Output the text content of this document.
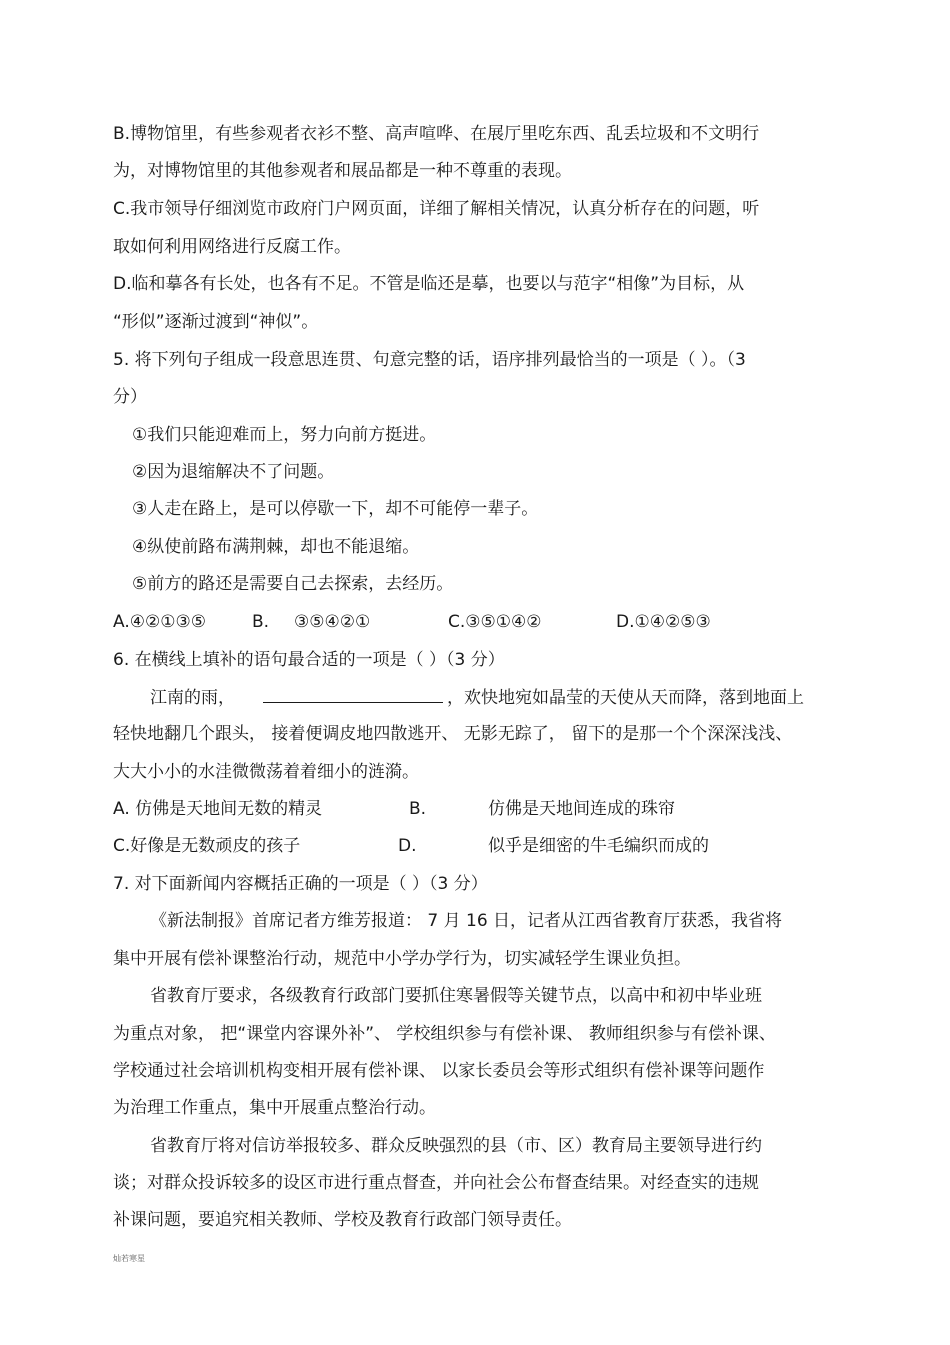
B.博物馆里，有些参观者衣衫不整、高声喧哗、在展厅里吃东西、乱丢垃圾和不文明行
为，对博物馆里的其他参观者和展品都是一种不尊重的表现。
C.我市领导仔细浏览市政府门户网页面，详细了解相关情况，认真分析存在的问题，听
取如何利用网络进行反腐工作。
D.临和摹各有长处，也各有不足。不管是临还是摹，也要以与范字“相像”为目标，从
“形似”逐渐过渡到“神似”。
5. 将下列句子组成一段意思连贯、句意完整的话，语序排列最恰当的一项是（ ）。（3
分）
①我们只能迎难而上，努力向前方挺进。
②因为退缩解决不了问题。
③人走在路上，是可以停歇一下，却不可能停一辈子。
④纵使前路布满荆棘，却也不能退缩。
⑤前方的路还是需要自己去探索，去经历。
A.④②①③⑤	B. ③⑤④②①	C.③⑤①④②	D.①④②⑤③
6. 在横线上填补的语句最合适的一项是（ ）（3 分）
江南的雨，	，欢快地宛如晶莹的天使从天而降，落到地面上
轻快地翻几个跟头， 接着便调皮地四散逃开、 无影无踪了， 留下的是那一个个深深浅浅、
大大小小的水洼微微荡着着细小的涟漪。
A. 仿佛是天地间无数的精灵	B.	仿佛是天地间连成的珠帘
C.好像是无数顽皮的孩子	D.	似乎是细密的牛毛编织而成的
7. 对下面新闻内容概括正确的一项是（ ）（3 分）
《新法制报》首席记者方维芳报道： 7 月 16 日，记者从江西省教育厅获悉，我省将
集中开展有偿补课整治行动，规范中小学办学行为，切实减轻学生课业负担。
省教育厅要求，各级教育行政部门要抓住寒暑假等关键节点，以高中和初中毕业班
为重点对象， 把“课堂内容课外补”、 学校组织参与有偿补课、 教师组织参与有偿补课、
学校通过社会培训机构变相开展有偿补课、 以家长委员会等形式组织有偿补课等问题作
为治理工作重点，集中开展重点整治行动。
省教育厅将对信访举报较多、群众反映强烈的县（市、区）教育局主要领导进行约
谈；对群众投诉较多的设区市进行重点督查，并向社会公布督查结果。对经查实的违规
补课问题，要追究相关教师、学校及教育行政部门领导责任。
灿若寒星
